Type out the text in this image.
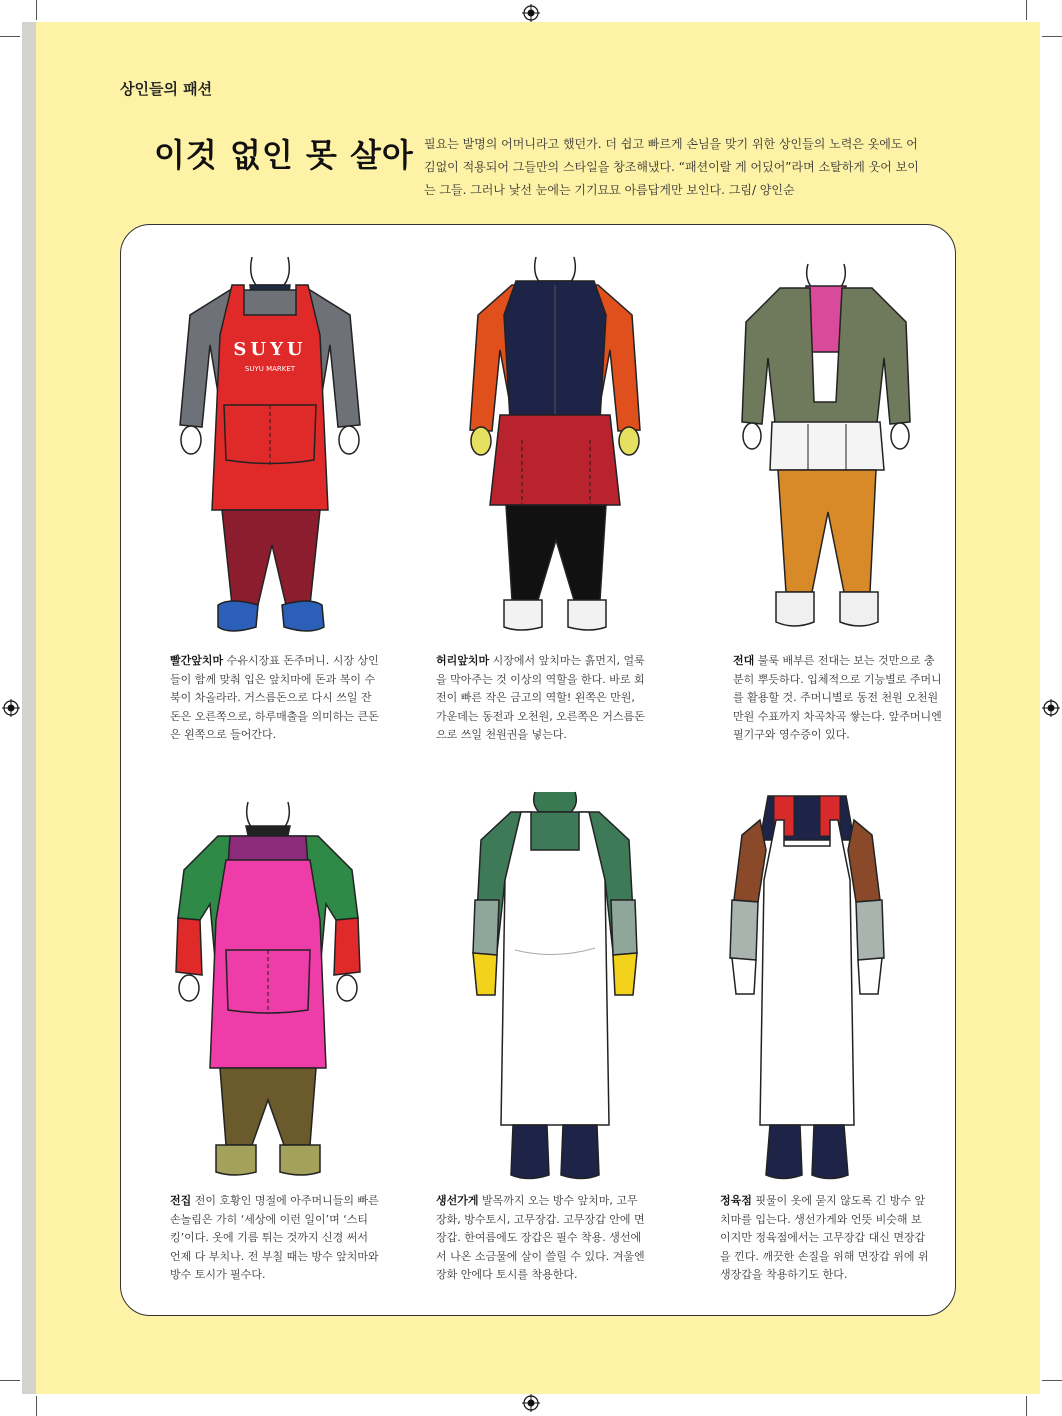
상인들의 패션
이것 없인 못 살아 필요는 발명의 어머니라고 했던가. 더 쉽고 빠르게 손님을 맞기 위한 상인들의 노력은 옷에도 어김없이 적용되어 그들만의 스타일을 창조해냈다. “패션이랄 게 어딨어”라며 소탈하게 웃어 보이는 그들. 그러나 낯선 눈에는 기기묘묘 아름답게만 보인다. 그림/ 양인순
SUYU
SUYU MARKET
빨간앞치마 수유시장표 돈주머니. 시장 상인들이 함께 맞춰 입은 앞치마에 돈과 복이 수북이 차올라라. 거스름돈으로 다시 쓰일 잔돈은 오른쪽으로, 하루매출을 의미하는 큰돈은 왼쪽으로 들어간다.
허리앞치마 시장에서 앞치마는 흙먼지, 얼룩을 막아주는 것 이상의 역할을 한다. 바로 회전이 빠른 작은 금고의 역할! 왼쪽은 만원, 가운데는 동전과 오천원, 오른쪽은 거스름돈으로 쓰일 천원권을 넣는다.
전대 불룩 배부른 전대는 보는 것만으로 충분히 뿌듯하다. 입체적으로 기능별로 주머니를 활용할 것. 주머니별로 동전 천원 오천원 만원 수표까지 차곡차곡 쌓는다. 앞주머니엔 필기구와 영수증이 있다.
전집 전이 호황인 명절에 아주머니들의 빠른 손놀림은 가히 ‘세상에 이런 일이’며 ‘스티킹’이다. 옷에 기름 튀는 것까지 신경 써서 언제 다 부치나. 전 부칠 때는 방수 앞치마와 방수 토시가 필수다.
생선가게 발목까지 오는 방수 앞치마, 고무장화, 방수토시, 고무장갑. 고무장갑 안에 면장갑. 한여름에도 장갑은 필수 착용. 생선에서 나온 소금물에 살이 쓸릴 수 있다. 겨울엔 장화 안에다 토시를 착용한다.
정육점 핏물이 옷에 묻지 않도록 긴 방수 앞치마를 입는다. 생선가게와 언뜻 비슷해 보이지만 정육점에서는 고무장갑 대신 면장갑을 낀다. 깨끗한 손질을 위해 면장갑 위에 위생장갑을 착용하기도 한다.
